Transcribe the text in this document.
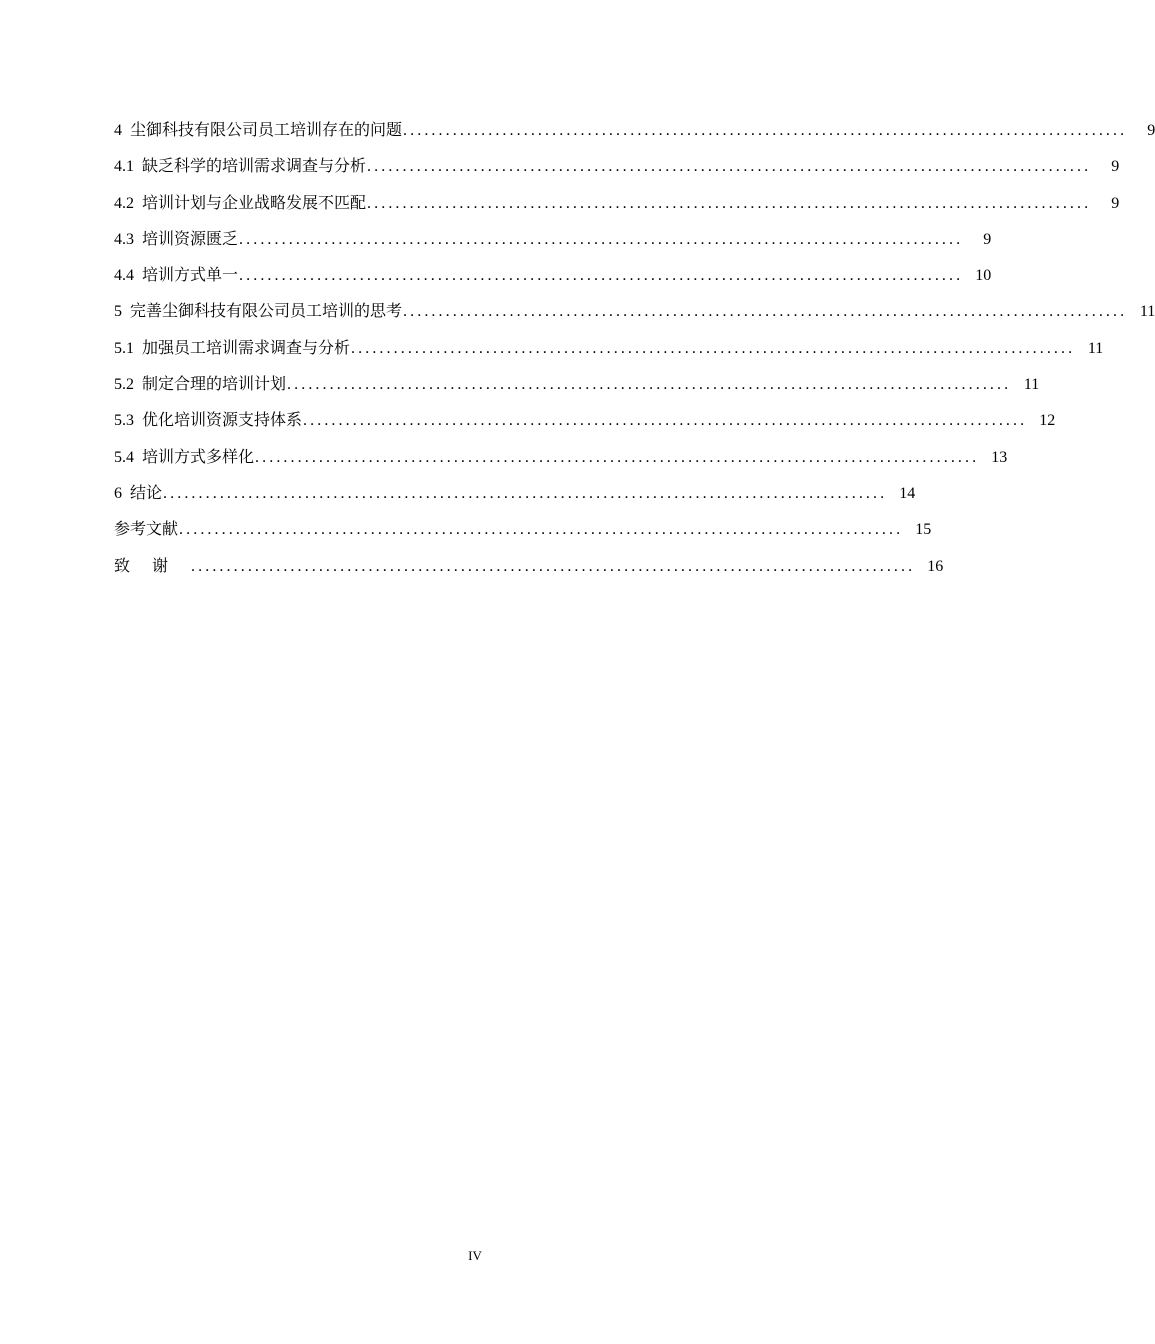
4 尘御科技有限公司员工培训存在的问题 ......................................................................................................	9
4.1 缺乏科学的培训需求调查与分析 ......................................................................................................	9
4.2 培训计划与企业战略发展不匹配 ......................................................................................................	9
4.3 培训资源匮乏 ......................................................................................................	9
4.4 培训方式单一 ...................................................................................................... 10
5 完善尘御科技有限公司员工培训的思考 ...................................................................................................... 11
5.1 加强员工培训需求调查与分析 ...................................................................................................... 11
5.2 制定合理的培训计划 ...................................................................................................... 11
5.3 优化培训资源支持体系 ...................................................................................................... 12
5.4 培训方式多样化 ...................................................................................................... 13
6 结论 ...................................................................................................... 14
参考文献 ...................................................................................................... 15
致谢 ...................................................................................................... 16
IV
